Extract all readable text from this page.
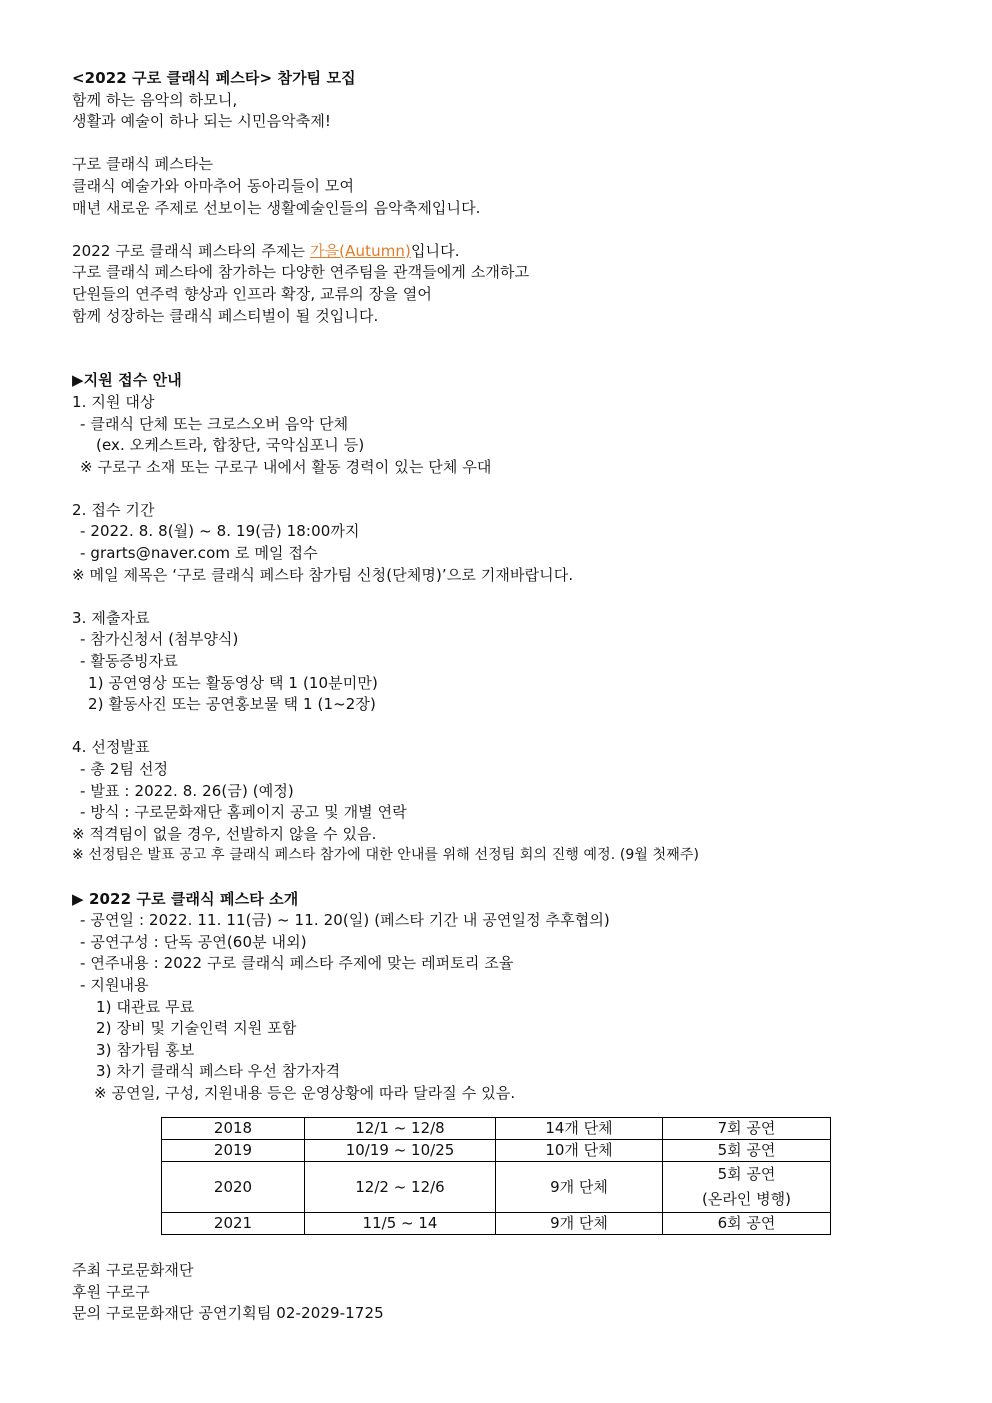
<2022 구로 클래식 페스타> 참가팀 모집
함께 하는 음악의 하모니,
생활과 예술이 하나 되는 시민음악축제!
구로 클래식 페스타는
클래식 예술가와 아마추어 동아리들이 모여
매년 새로운 주제로 선보이는 생활예술인들의 음악축제입니다.
2022 구로 클래식 페스타의 주제는 가을(Autumn)입니다.
구로 클래식 페스타에 참가하는 다양한 연주팀을 관객들에게 소개하고
단원들의 연주력 향상과 인프라 확장, 교류의 장을 열어
함께 성장하는 클래식 페스티벌이 될 것입니다.
▶지원 접수 안내
1. 지원 대상
- 클래식 단체 또는 크로스오버 음악 단체
(ex. 오케스트라, 합창단, 국악심포니 등)
※ 구로구 소재 또는 구로구 내에서 활동 경력이 있는 단체 우대
2. 접수 기간
- 2022. 8. 8(월) ~ 8. 19(금) 18:00까지
- grarts@naver.com 로 메일 접수
※ 메일 제목은 ‘구로 클래식 페스타 참가팀 신청(단체명)’으로 기재바랍니다.
3. 제출자료
- 참가신청서 (첨부양식)
- 활동증빙자료
1) 공연영상 또는 활동영상 택 1 (10분미만)
2) 활동사진 또는 공연홍보물 택 1 (1~2장)
4. 선정발표
- 총 2팀 선정
- 발표 : 2022. 8. 26(금) (예정)
- 방식 : 구로문화재단 홈페이지 공고 및 개별 연락
※ 적격팀이 없을 경우, 선발하지 않을 수 있음.
※ 선정팀은 발표 공고 후 클래식 페스타 참가에 대한 안내를 위해 선정팀 회의 진행 예정. (9월 첫째주)
▶ 2022 구로 클래식 페스타 소개
- 공연일 : 2022. 11. 11(금) ~ 11. 20(일) (페스타 기간 내 공연일정 추후협의)
- 공연구성 : 단독 공연(60분 내외)
- 연주내용 : 2022 구로 클래식 페스타 주제에 맞는 레퍼토리 조율
- 지원내용
1) 대관료 무료
2) 장비 및 기술인력 지원 포함
3) 참가팀 홍보
3) 차기 클래식 페스타 우선 참가자격
※ 공연일, 구성, 지원내용 등은 운영상황에 따라 달라질 수 있음.
2018	12/1 ~ 12/8	14개 단체	7회 공연
2019	10/19 ~ 10/25	10개 단체	5회 공연
2020	12/2 ~ 12/6	9개 단체	5회 공연
(온라인 병행)

2021	11/5 ~ 14	9개 단체	6회 공연
주최 구로문화재단
후원 구로구
문의 구로문화재단 공연기획팀 02-2029-1725
